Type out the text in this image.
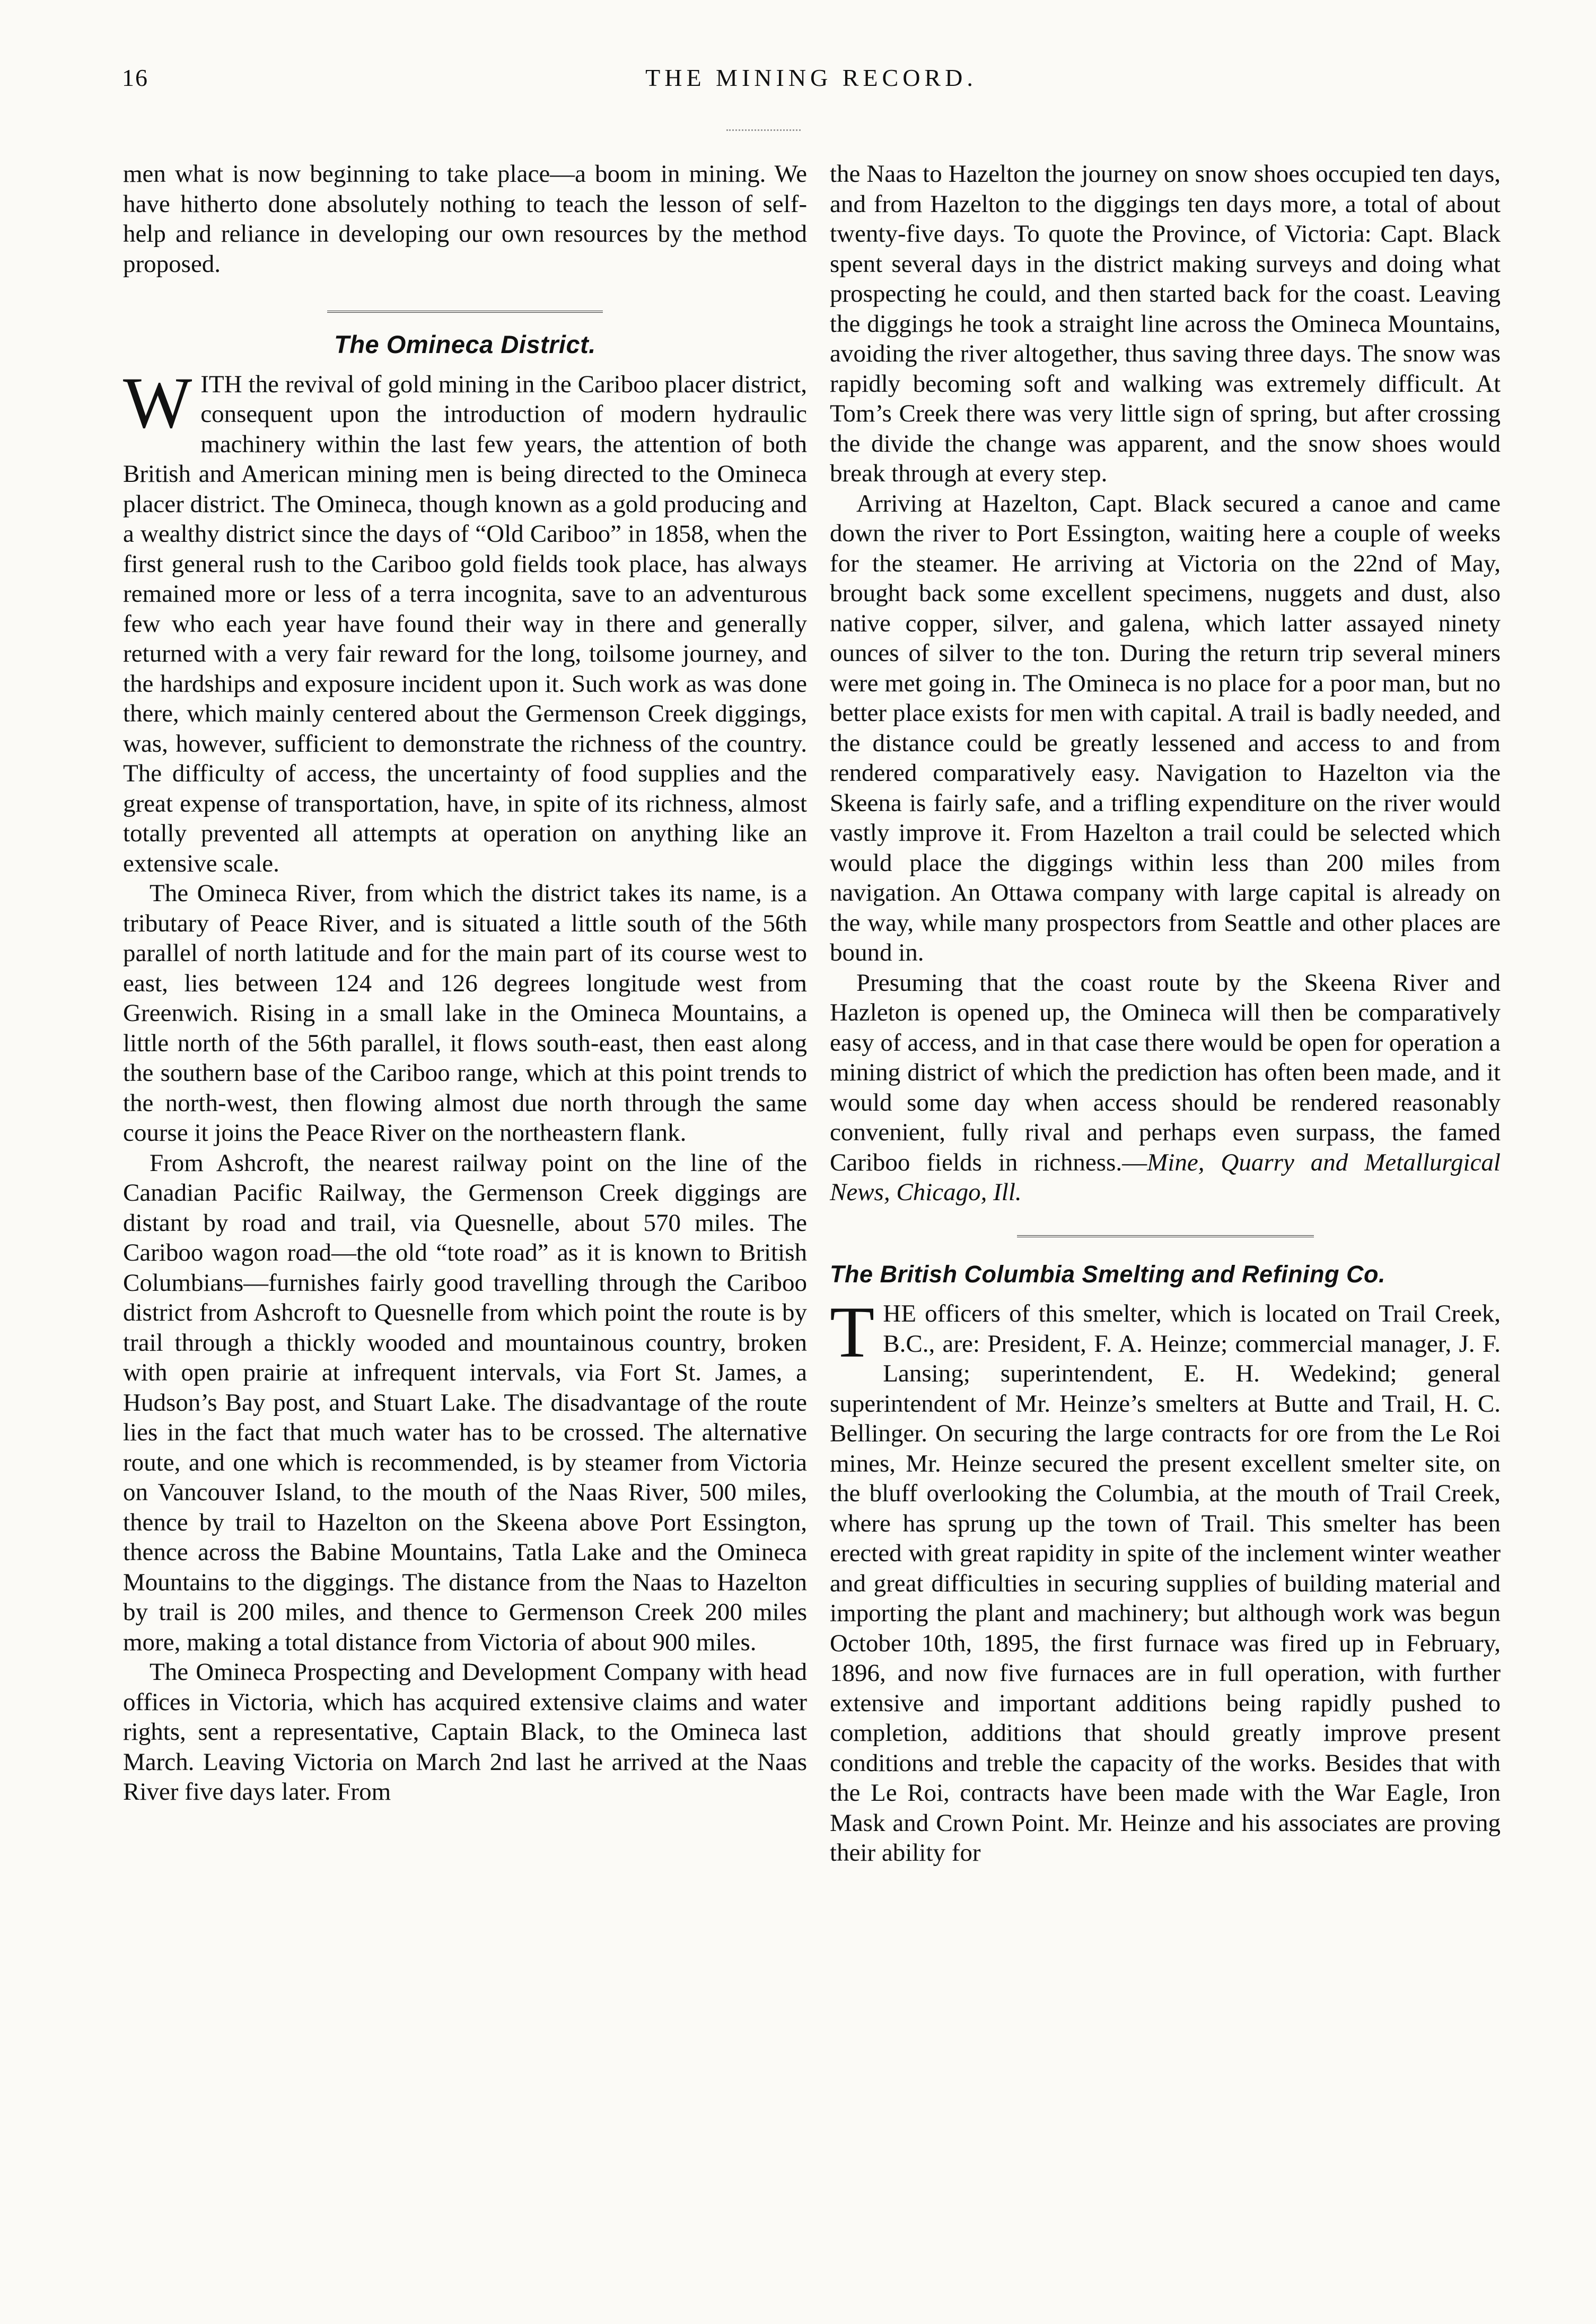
16	THE MINING RECORD.

men what is now beginning to take place—a boom in mining. We have hitherto done absolutely nothing to teach the lesson of self-help and reliance in developing our own resources by the method proposed.

The Omineca District.

WITH the revival of gold mining in the Cariboo placer district, consequent upon the introduction of modern hydraulic machinery within the last few years, the attention of both British and American mining men is being directed to the Omineca placer district. The Omineca, though known as a gold producing and a wealthy district since the days of “Old Cariboo” in 1858, when the first general rush to the Cariboo gold fields took place, has always remained more or less of a terra incognita, save to an adventurous few who each year have found their way in there and generally returned with a very fair reward for the long, toilsome journey, and the hardships and exposure incident upon it. Such work as was done there, which mainly centered about the Germenson Creek diggings, was, however, sufficient to demonstrate the richness of the country. The difficulty of access, the uncertainty of food supplies and the great expense of transportation, have, in spite of its richness, almost totally prevented all attempts at operation on anything like an extensive scale.

The Omineca River, from which the district takes its name, is a tributary of Peace River, and is situated a little south of the 56th parallel of north latitude and for the main part of its course west to east, lies between 124 and 126 degrees longitude west from Greenwich. Rising in a small lake in the Omineca Mountains, a little north of the 56th parallel, it flows south-east, then east along the southern base of the Cariboo range, which at this point trends to the north-west, then flowing almost due north through the same course it joins the Peace River on the northeastern flank.

From Ashcroft, the nearest railway point on the line of the Canadian Pacific Railway, the Germenson Creek diggings are distant by road and trail, via Quesnelle, about 570 miles. The Cariboo wagon road—the old “tote road” as it is known to British Columbians—furnishes fairly good travelling through the Cariboo district from Ashcroft to Quesnelle from which point the route is by trail through a thickly wooded and mountainous country, broken with open prairie at infrequent intervals, via Fort St. James, a Hudson’s Bay post, and Stuart Lake. The disadvantage of the route lies in the fact that much water has to be crossed. The alternative route, and one which is recommended, is by steamer from Victoria on Vancouver Island, to the mouth of the Naas River, 500 miles, thence by trail to Hazelton on the Skeena above Port Essington, thence across the Babine Mountains, Tatla Lake and the Omineca Mountains to the diggings. The distance from the Naas to Hazelton by trail is 200 miles, and thence to Germenson Creek 200 miles more, making a total distance from Victoria of about 900 miles.

The Omineca Prospecting and Development Company with head offices in Victoria, which has acquired extensive claims and water rights, sent a representative, Captain Black, to the Omineca last March. Leaving Victoria on March 2nd last he arrived at the Naas River five days later. From

the Naas to Hazelton the journey on snow shoes occupied ten days, and from Hazelton to the diggings ten days more, a total of about twenty-five days. To quote the Province, of Victoria: Capt. Black spent several days in the district making surveys and doing what prospecting he could, and then started back for the coast. Leaving the diggings he took a straight line across the Omineca Mountains, avoiding the river altogether, thus saving three days. The snow was rapidly becoming soft and walking was extremely difficult. At Tom’s Creek there was very little sign of spring, but after crossing the divide the change was apparent, and the snow shoes would break through at every step.

Arriving at Hazelton, Capt. Black secured a canoe and came down the river to Port Essington, waiting here a couple of weeks for the steamer. He arriving at Victoria on the 22nd of May, brought back some excellent specimens, nuggets and dust, also native copper, silver, and galena, which latter assayed ninety ounces of silver to the ton. During the return trip several miners were met going in. The Omineca is no place for a poor man, but no better place exists for men with capital. A trail is badly needed, and the distance could be greatly lessened and access to and from rendered comparatively easy. Navigation to Hazelton via the Skeena is fairly safe, and a trifling expenditure on the river would vastly improve it. From Hazelton a trail could be selected which would place the diggings within less than 200 miles from navigation. An Ottawa company with large capital is already on the way, while many prospectors from Seattle and other places are bound in.

Presuming that the coast route by the Skeena River and Hazleton is opened up, the Omineca will then be comparatively easy of access, and in that case there would be open for operation a mining district of which the prediction has often been made, and it would some day when access should be rendered reasonably convenient, fully rival and perhaps even surpass, the famed Cariboo fields in richness.—Mine, Quarry and Metallurgical News, Chicago, Ill.

The British Columbia Smelting and Refining Co.

THE officers of this smelter, which is located on Trail Creek, B.C., are: President, F. A. Heinze; commercial manager, J. F. Lansing; superintendent, E. H. Wedekind; general superintendent of Mr. Heinze’s smelters at Butte and Trail, H. C. Bellinger. On securing the large contracts for ore from the Le Roi mines, Mr. Heinze secured the present excellent smelter site, on the bluff overlooking the Columbia, at the mouth of Trail Creek, where has sprung up the town of Trail. This smelter has been erected with great rapidity in spite of the inclement winter weather and great difficulties in securing supplies of building material and importing the plant and machinery; but although work was begun October 10th, 1895, the first furnace was fired up in February, 1896, and now five furnaces are in full operation, with further extensive and important additions being rapidly pushed to completion, additions that should greatly improve present conditions and treble the capacity of the works. Besides that with the Le Roi, contracts have been made with the War Eagle, Iron Mask and Crown Point. Mr. Heinze and his associates are proving their ability for
